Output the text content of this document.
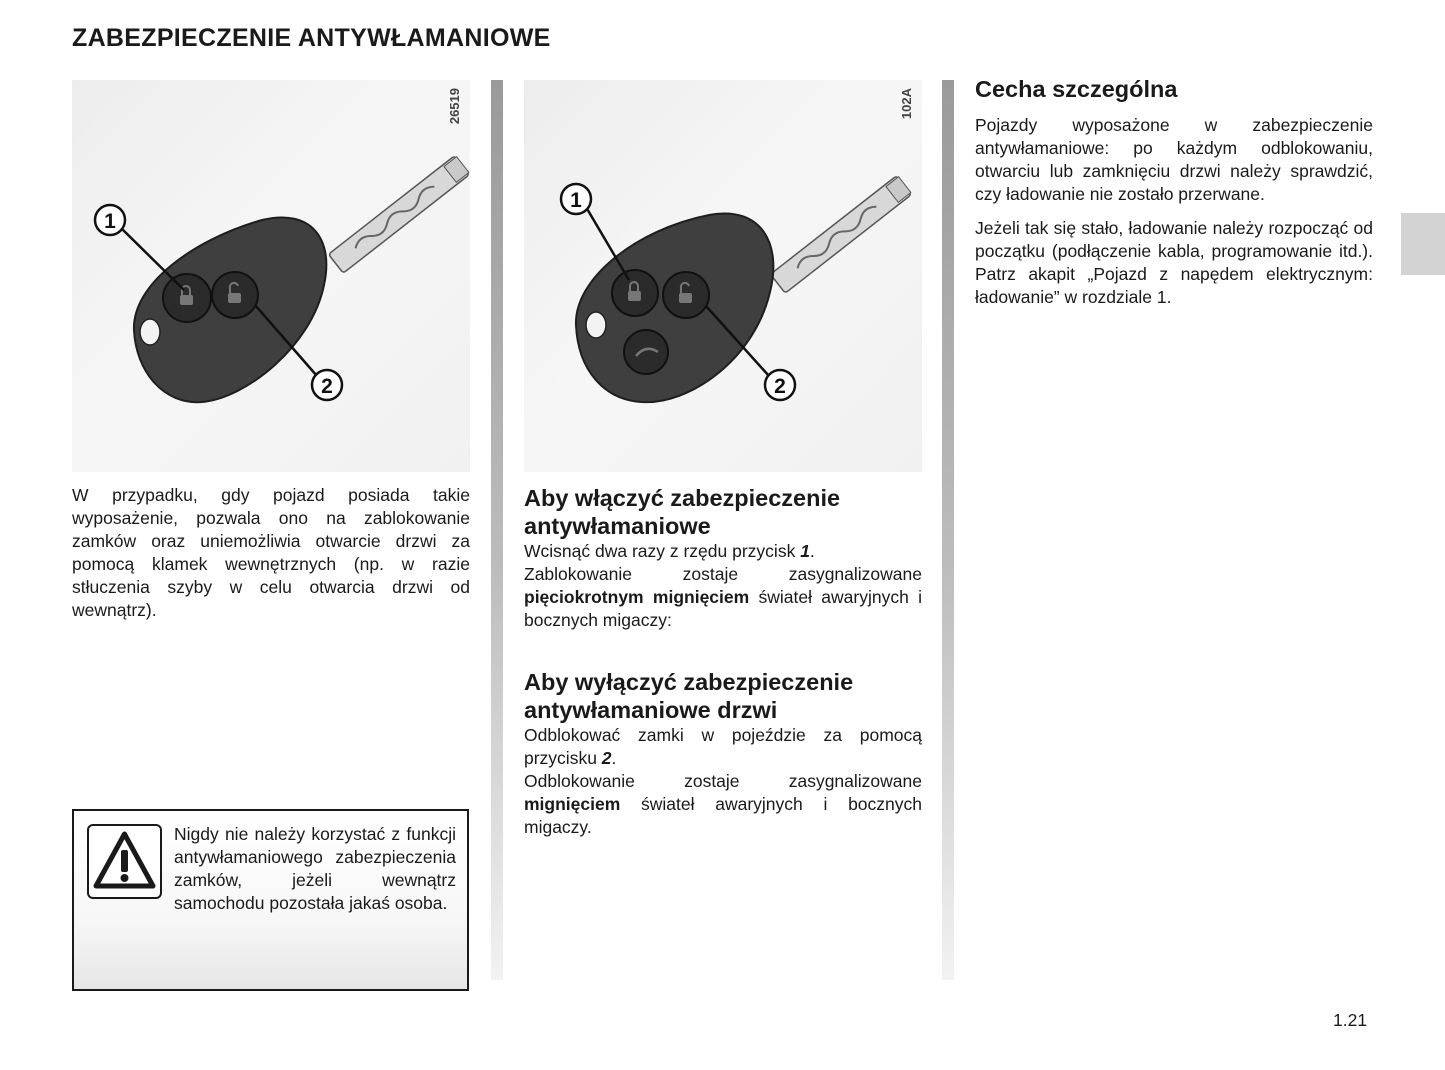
ZABEZPIECZENIE ANTYWŁAMANIOWE
1
2
26519
1
2
102A

W przypadku, gdy pojazd posiada takie wyposażenie, pozwala ono na zablokowanie zamków oraz uniemożliwia otwarcie drzwi za pomocą klamek wewnętrznych (np. w razie stłuczenia szyby w celu otwarcia drzwi od wewnątrz).

Nigdy nie należy korzystać z funkcji antywłamaniowego zabezpieczenia zamków, jeżeli wewnątrz samochodu pozostała jakaś osoba.
Aby włączyć zabezpieczenie antywłamaniowe

Wcisnąć dwa razy z rzędu przycisk 1.
Zablokowanie zostaje zasygnalizowane pięciokrotnym mignięciem świateł awaryjnych i bocznych migaczy:

Aby wyłączyć zabezpieczenie antywłamaniowe drzwi

Odblokować zamki w pojeździe za pomocą przycisku 2.
Odblokowanie zostaje zasygnalizowane mignięciem świateł awaryjnych i bocznych migaczy.

Cecha szczególna

Pojazdy wyposażone w zabezpieczenie antywłamaniowe: po każdym odblokowaniu, otwarciu lub zamknięciu drzwi należy sprawdzić, czy ładowanie nie zostało przerwane.

Jeżeli tak się stało, ładowanie należy rozpocząć od początku (podłączenie kabla, programowanie itd.). Patrz akapit „Pojazd z napędem elektrycznym: ładowanie” w rozdziale 1.

1.21
